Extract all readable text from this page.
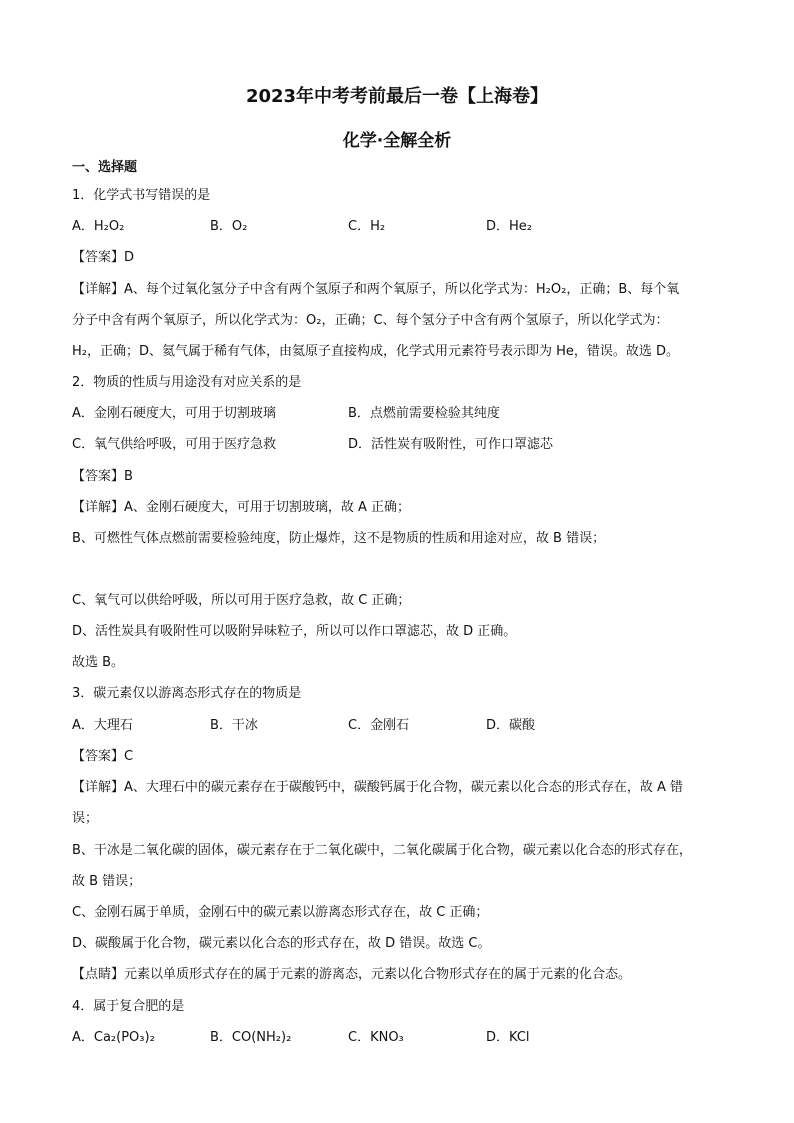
2023年中考考前最后一卷【上海卷】
化学·全解全析
一、选择题
1．化学式书写错误的是
A．H₂O₂	B．O₂	C．H₂	D．He₂
【答案】D
【详解】A、每个过氧化氢分子中含有两个氢原子和两个氧原子，所以化学式为：H₂O₂，正确；B、每个氧
分子中含有两个氧原子，所以化学式为：O₂，正确；C、每个氢分子中含有两个氢原子，所以化学式为：
H₂，正确；D、氦气属于稀有气体，由氦原子直接构成，化学式用元素符号表示即为 He，错误。故选 D。
2．物质的性质与用途没有对应关系的是
A．金刚石硬度大，可用于切割玻璃	B．点燃前需要检验其纯度
C．氧气供给呼吸，可用于医疗急救	D．活性炭有吸附性，可作口罩滤芯
【答案】B
【详解】A、金刚石硬度大，可用于切割玻璃，故 A 正确；
B、可燃性气体点燃前需要检验纯度，防止爆炸，这不是物质的性质和用途对应，故 B 错误；
C、氧气可以供给呼吸，所以可用于医疗急救，故 C 正确；
D、活性炭具有吸附性可以吸附异味粒子，所以可以作口罩滤芯，故 D 正确。
故选 B。
3．碳元素仅以游离态形式存在的物质是
A．大理石	B．干冰	C．金刚石	D．碳酸
【答案】C
【详解】A、大理石中的碳元素存在于碳酸钙中，碳酸钙属于化合物，碳元素以化合态的形式存在，故 A 错
误；
B、干冰是二氧化碳的固体，碳元素存在于二氧化碳中，二氧化碳属于化合物，碳元素以化合态的形式存在，
故 B 错误；
C、金刚石属于单质，金刚石中的碳元素以游离态形式存在，故 C 正确；
D、碳酸属于化合物，碳元素以化合态的形式存在，故 D 错误。故选 C。
【点睛】元素以单质形式存在的属于元素的游离态，元素以化合物形式存在的属于元素的化合态。
4．属于复合肥的是
A．Ca₂(PO₃)₂	B．CO(NH₂)₂	C．KNO₃	D．KCl
